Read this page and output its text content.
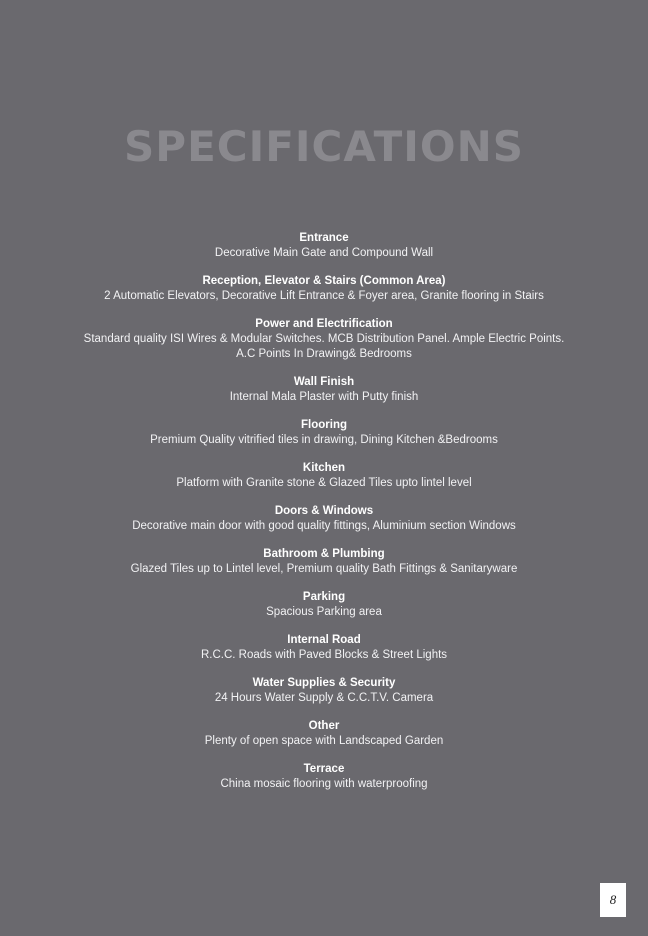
SPECIFICATIONS
Entrance
Decorative Main Gate and Compound Wall
Reception, Elevator & Stairs (Common Area)
2 Automatic Elevators, Decorative Lift Entrance & Foyer area, Granite flooring in Stairs
Power and Electrification
Standard quality ISI Wires & Modular Switches. MCB Distribution Panel. Ample Electric Points. A.C Points In Drawing& Bedrooms
Wall Finish
Internal Mala Plaster with Putty finish
Flooring
Premium Quality vitrified tiles in drawing, Dining Kitchen &Bedrooms
Kitchen
Platform with Granite stone & Glazed Tiles upto lintel level
Doors & Windows
Decorative main door with good quality fittings, Aluminium section Windows
Bathroom & Plumbing
Glazed Tiles up to Lintel level, Premium quality Bath Fittings & Sanitaryware
Parking
Spacious Parking area
Internal Road
R.C.C. Roads with Paved Blocks & Street Lights
Water Supplies & Security
24 Hours Water Supply & C.C.T.V. Camera
Other
Plenty of open space with Landscaped Garden
Terrace
China mosaic flooring with waterproofing
8
